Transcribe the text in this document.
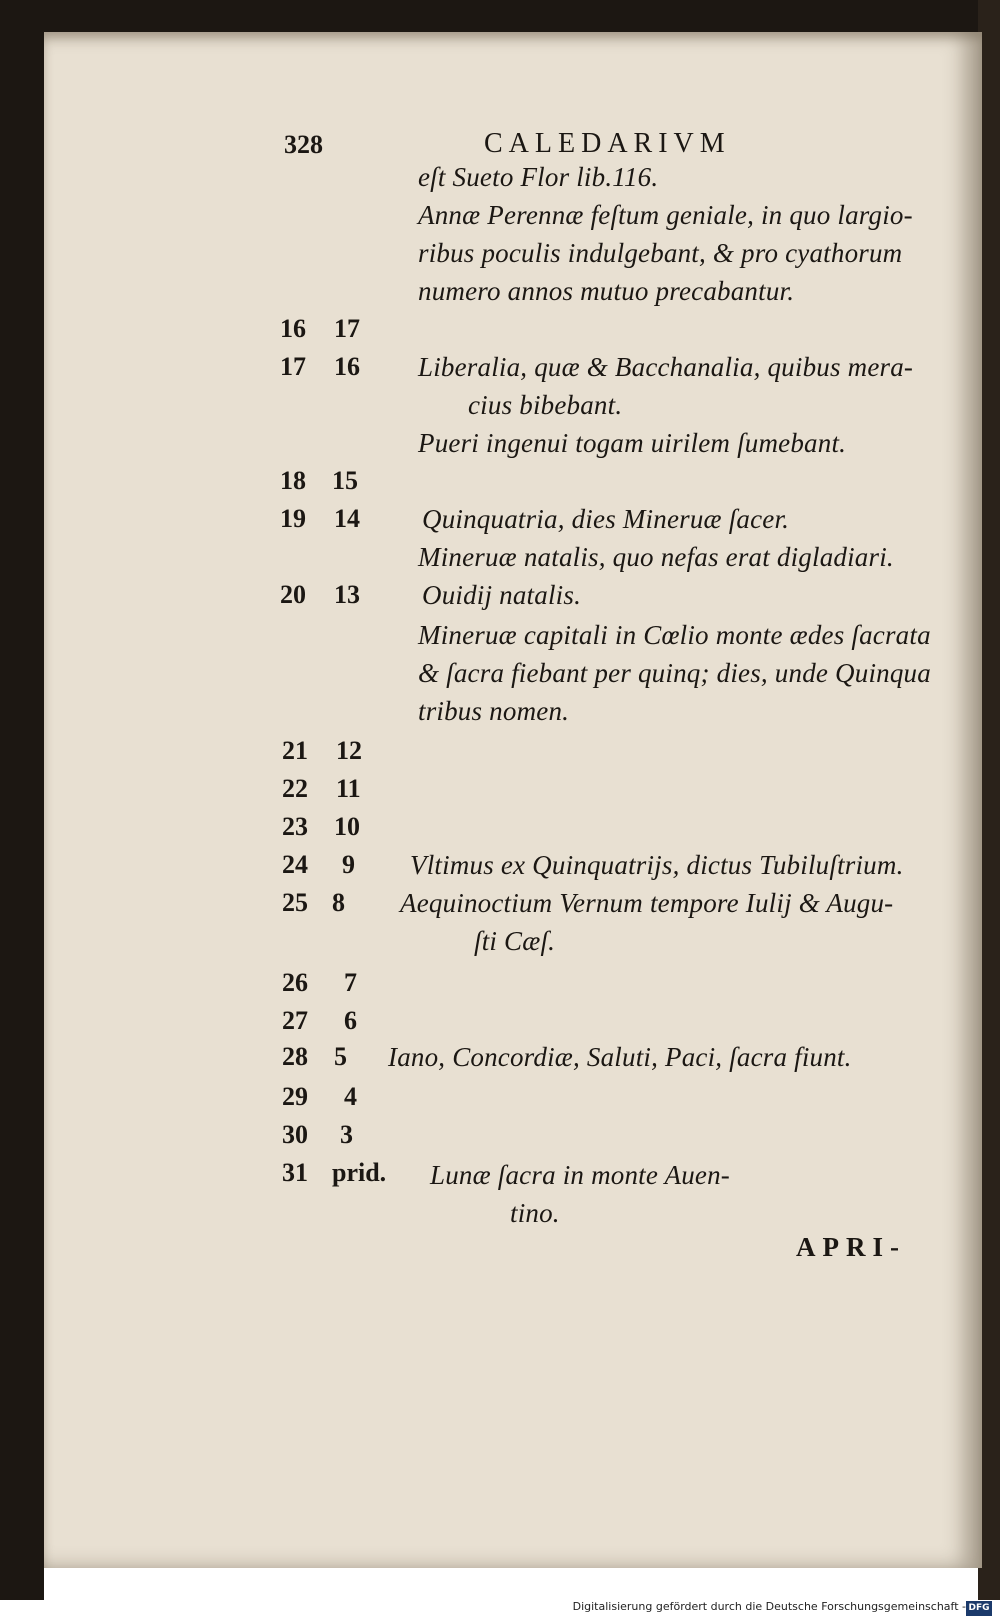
328	CALEDARIVM
eſt Sueto Flor lib.116.
Annæ Perennæ feſtum geniale, in quo largio-
ribus poculis indulgebant, & pro cyathorum
numero annos mutuo precabantur.
16 17
17 16 Liberalia, quæ & Bacchanalia, quibus mera-
cius bibebant.
Pueri ingenui togam uirilem ſumebant.
18 15
19 14 Quinquatria, dies Mineruæ ſacer.
Mineruæ natalis, quo nefas erat digladiari.
20 13 Ouidij natalis.
Mineruæ capitali in Cœlio monte ædes ſacrata
& ſacra fiebant per quinq; dies, unde Quinqua
tribus nomen.
21 12
22 11
23 10
24 9 Vltimus ex Quinquatrijs, dictus Tubiluſtrium.
25 8 Aequinoctium Vernum tempore Iulij & Augu-
ſti Cæſ.
26 7
27 6
28 5 Iano, Concordiæ, Saluti, Paci, ſacra fiunt.
29 4
30 3
31 prid. Lunæ ſacra in monte Auen-
tino.
APRI-
Digitalisierung gefördert durch die Deutsche Forschungsgemeinschaft - DFG
